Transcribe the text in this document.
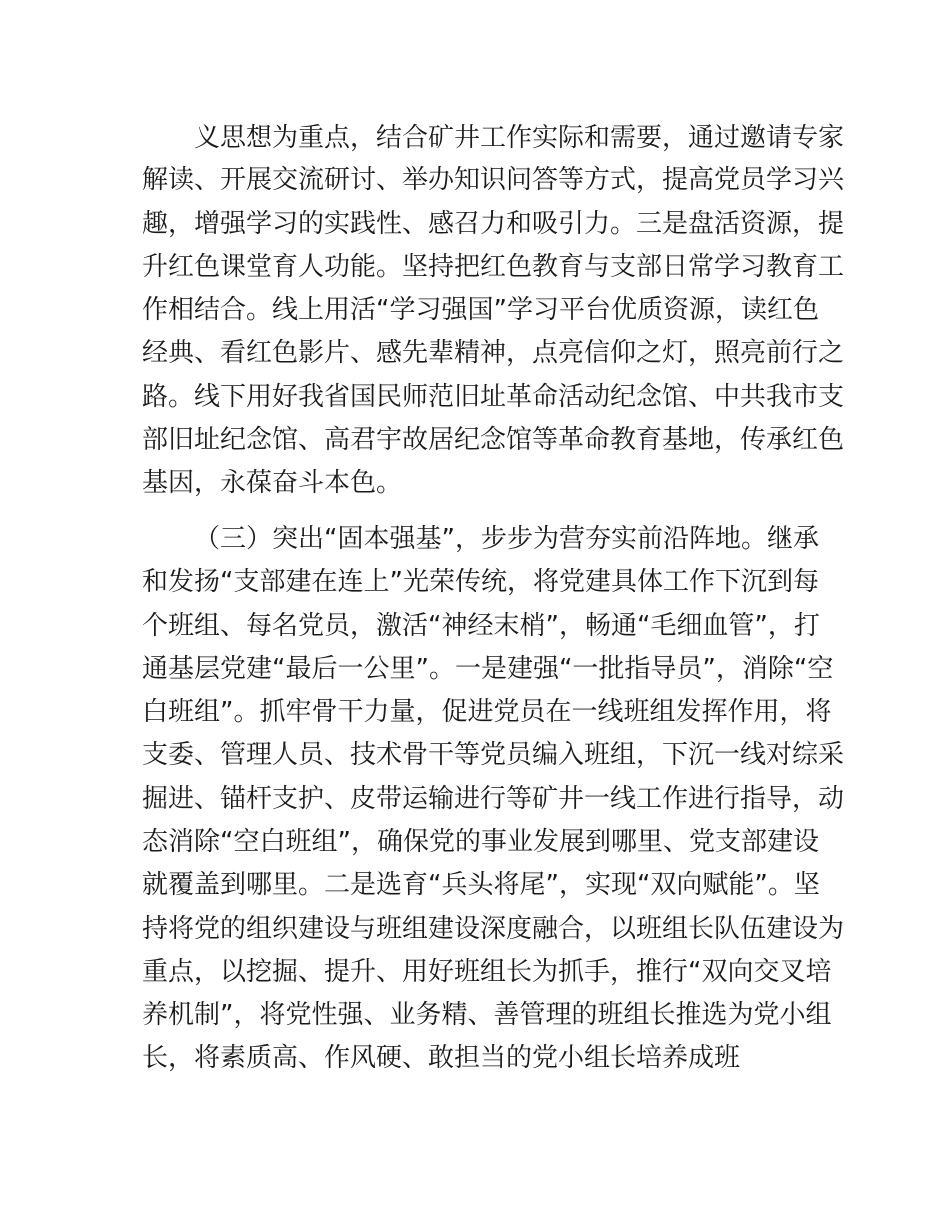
义思想为重点，结合矿井工作实际和需要，通过邀请专家
解读、开展交流研讨、举办知识问答等方式，提高党员学习兴
趣，增强学习的实践性、感召力和吸引力。三是盘活资源，提
升红色课堂育人功能。坚持把红色教育与支部日常学习教育工
作相结合。线上用活“学习强国”学习平台优质资源，读红色
经典、看红色影片、感先辈精神，点亮信仰之灯，照亮前行之
路。线下用好我省国民师范旧址革命活动纪念馆、中共我市支
部旧址纪念馆、高君宇故居纪念馆等革命教育基地，传承红色
基因，永葆奋斗本色。
（三）突出“固本强基”，步步为营夯实前沿阵地。继承
和发扬“支部建在连上”光荣传统，将党建具体工作下沉到每
个班组、每名党员，激活“神经末梢”，畅通“毛细血管”，打
通基层党建“最后一公里”。一是建强“一批指导员”，消除“空
白班组”。抓牢骨干力量，促进党员在一线班组发挥作用，将
支委、管理人员、技术骨干等党员编入班组，下沉一线对综采
掘进、锚杆支护、皮带运输进行等矿井一线工作进行指导，动
态消除“空白班组”，确保党的事业发展到哪里、党支部建设
就覆盖到哪里。二是选育“兵头将尾”，实现“双向赋能”。坚
持将党的组织建设与班组建设深度融合，以班组长队伍建设为
重点，以挖掘、提升、用好班组长为抓手，推行“双向交叉培
养机制”，将党性强、业务精、善管理的班组长推选为党小组
长，将素质高、作风硬、敢担当的党小组长培养成班
